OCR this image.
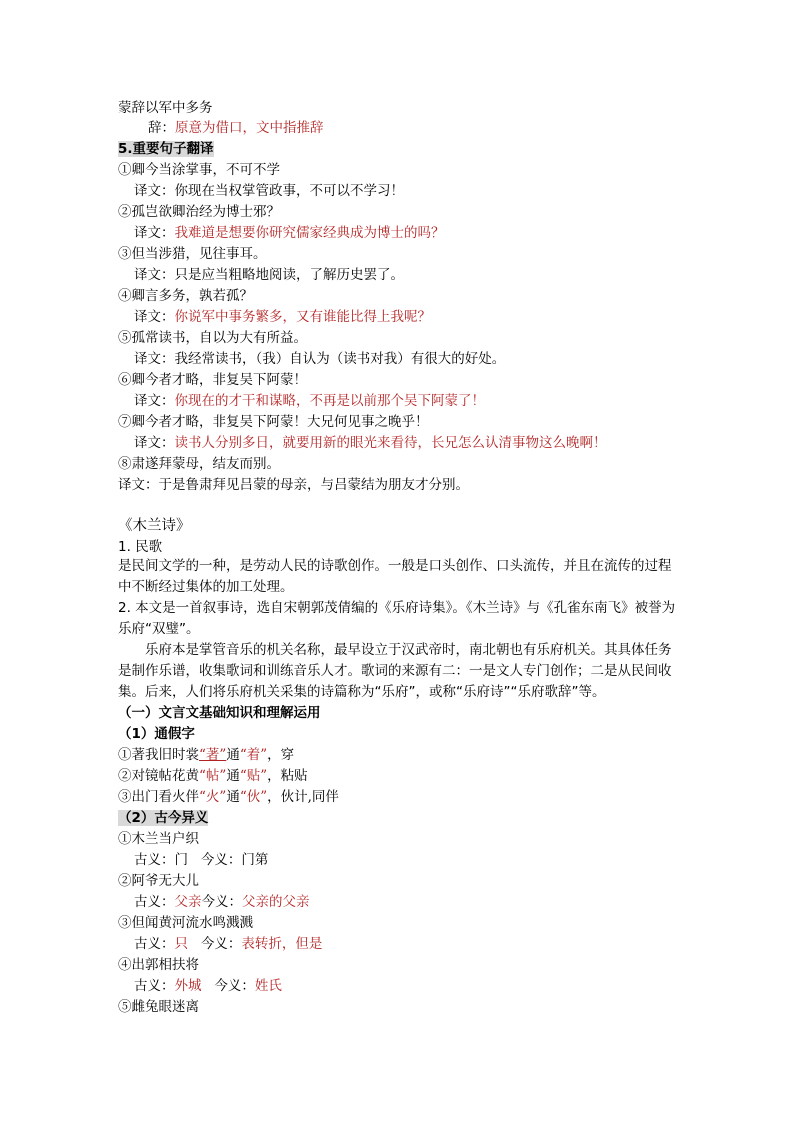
蒙辞以军中多务
辞：原意为借口，文中指推辞
5.重要句子翻译
①卿今当涂掌事，不可不学
译文：你现在当权掌管政事，不可以不学习！
②孤岂欲卿治经为博士邪？
译文：我难道是想要你研究儒家经典成为博士的吗？
③但当涉猎，见往事耳。
译文：只是应当粗略地阅读，了解历史罢了。
④卿言多务，孰若孤？
译文：你说军中事务繁多，又有谁能比得上我呢？
⑤孤常读书，自以为大有所益。
译文：我经常读书，（我）自认为（读书对我）有很大的好处。
⑥卿今者才略，非复吴下阿蒙！
译文：你现在的才干和谋略，不再是以前那个吴下阿蒙了！
⑦卿今者才略，非复吴下阿蒙！大兄何见事之晚乎！
译文：读书人分别多日，就要用新的眼光来看待，长兄怎么认清事物这么晚啊！
⑧肃遂拜蒙母，结友而别。
译文：于是鲁肃拜见吕蒙的母亲，与吕蒙结为朋友才分别。
《木兰诗》
1. 民歌
是民间文学的一种，是劳动人民的诗歌创作。一般是口头创作、口头流传，并且在流传的过程中不断经过集体的加工处理。
2. 本文是一首叙事诗，选自宋朝郭茂倩编的《乐府诗集》。《木兰诗》与《孔雀东南飞》被誉为乐府“双璧”。
乐府本是掌管音乐的机关名称，最早设立于汉武帝时，南北朝也有乐府机关。其具体任务是制作乐谱，收集歌词和训练音乐人才。歌词的来源有二：一是文人专门创作；二是从民间收集。后来，人们将乐府机关采集的诗篇称为“乐府”，或称“乐府诗”“乐府歌辞”等。
（一）文言文基础知识和理解运用
（1）通假字
①著我旧时裳“著”通“着”，穿
②对镜帖花黄“帖”通“贴”，粘贴
③出门看火伴“火”通“伙”，伙计,同伴
（2）古今异义
①木兰当户织
古义：门 今义：门第
②阿爷无大儿
古义：父亲今义：父亲的父亲
③但闻黄河流水鸣溅溅
古义：只 今义：表转折，但是
④出郭相扶将
古义：外城 今义：姓氏
⑤雌兔眼迷离
